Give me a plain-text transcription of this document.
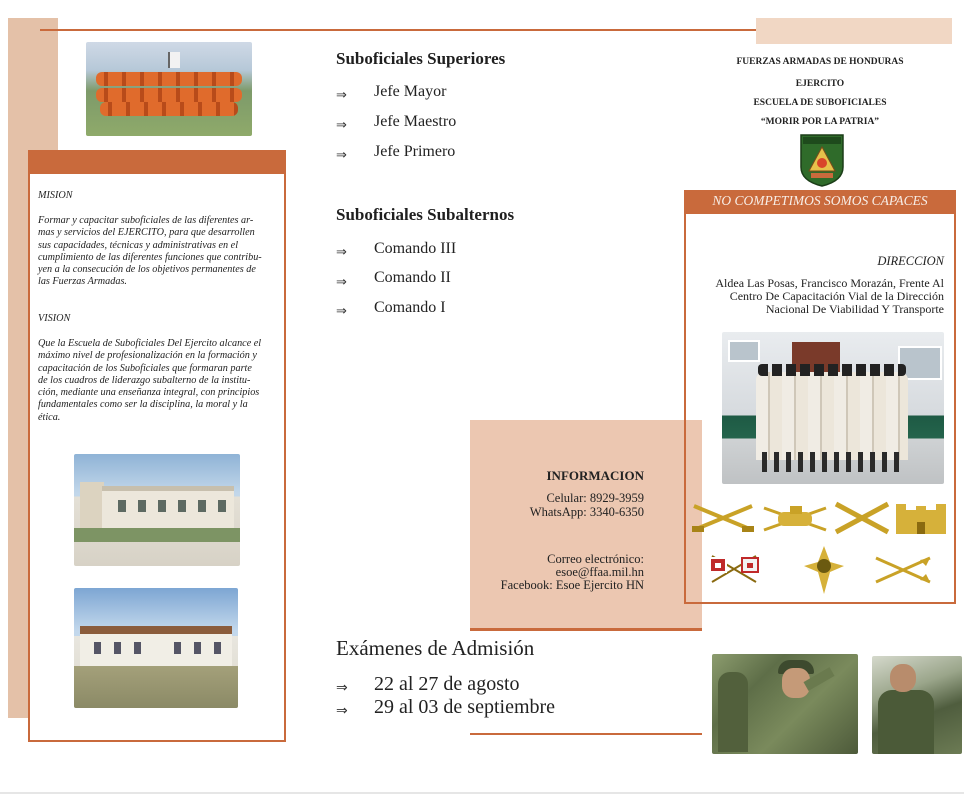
MISION
Formar y capacitar suboficiales de las diferentes ar-
mas y servicios del EJERCITO, para que desarrollen
sus capacidades, técnicas y administrativas en el
cumplimiento de las diferentes funciones que contribu-
yen a la consecución de los objetivos permanentes de
las Fuerzas Armadas.
VISION
Que la Escuela de Suboficiales Del Ejercito alcance el
máximo nivel de profesionalización en la formación y
capacitación de los Suboficiales que formaran parte
de los cuadros de liderazgo subalterno de la institu-
ción, mediante una enseñanza integral, con principios
fundamentales como ser la disciplina, la moral y la
ética.
Suboficiales Superiores
⇒ Jefe Mayor
⇒ Jefe Maestro
⇒ Jefe Primero
Suboficiales Subalternos
⇒ Comando III
⇒ Comando II
⇒ Comando I
INFORMACION
Celular: 8929-3959
WhatsApp: 3340-6350
Correo electrónico:
esoe@ffaa.mil.hn
Facebook: Esoe Ejercito HN
Exámenes de Admisión
⇒ 22 al 27 de agosto
⇒ 29 al 03 de septiembre
FUERZAS ARMADAS DE HONDURAS
EJERCITO
ESCUELA DE SUBOFICIALES
“MORIR POR LA PATRIA”
NO COMPETIMOS SOMOS CAPACES
DIRECCION
Aldea Las Posas, Francisco Morazán, Frente Al
Centro De Capacitación Vial de la Dirección
Nacional De Viabilidad Y Transporte
